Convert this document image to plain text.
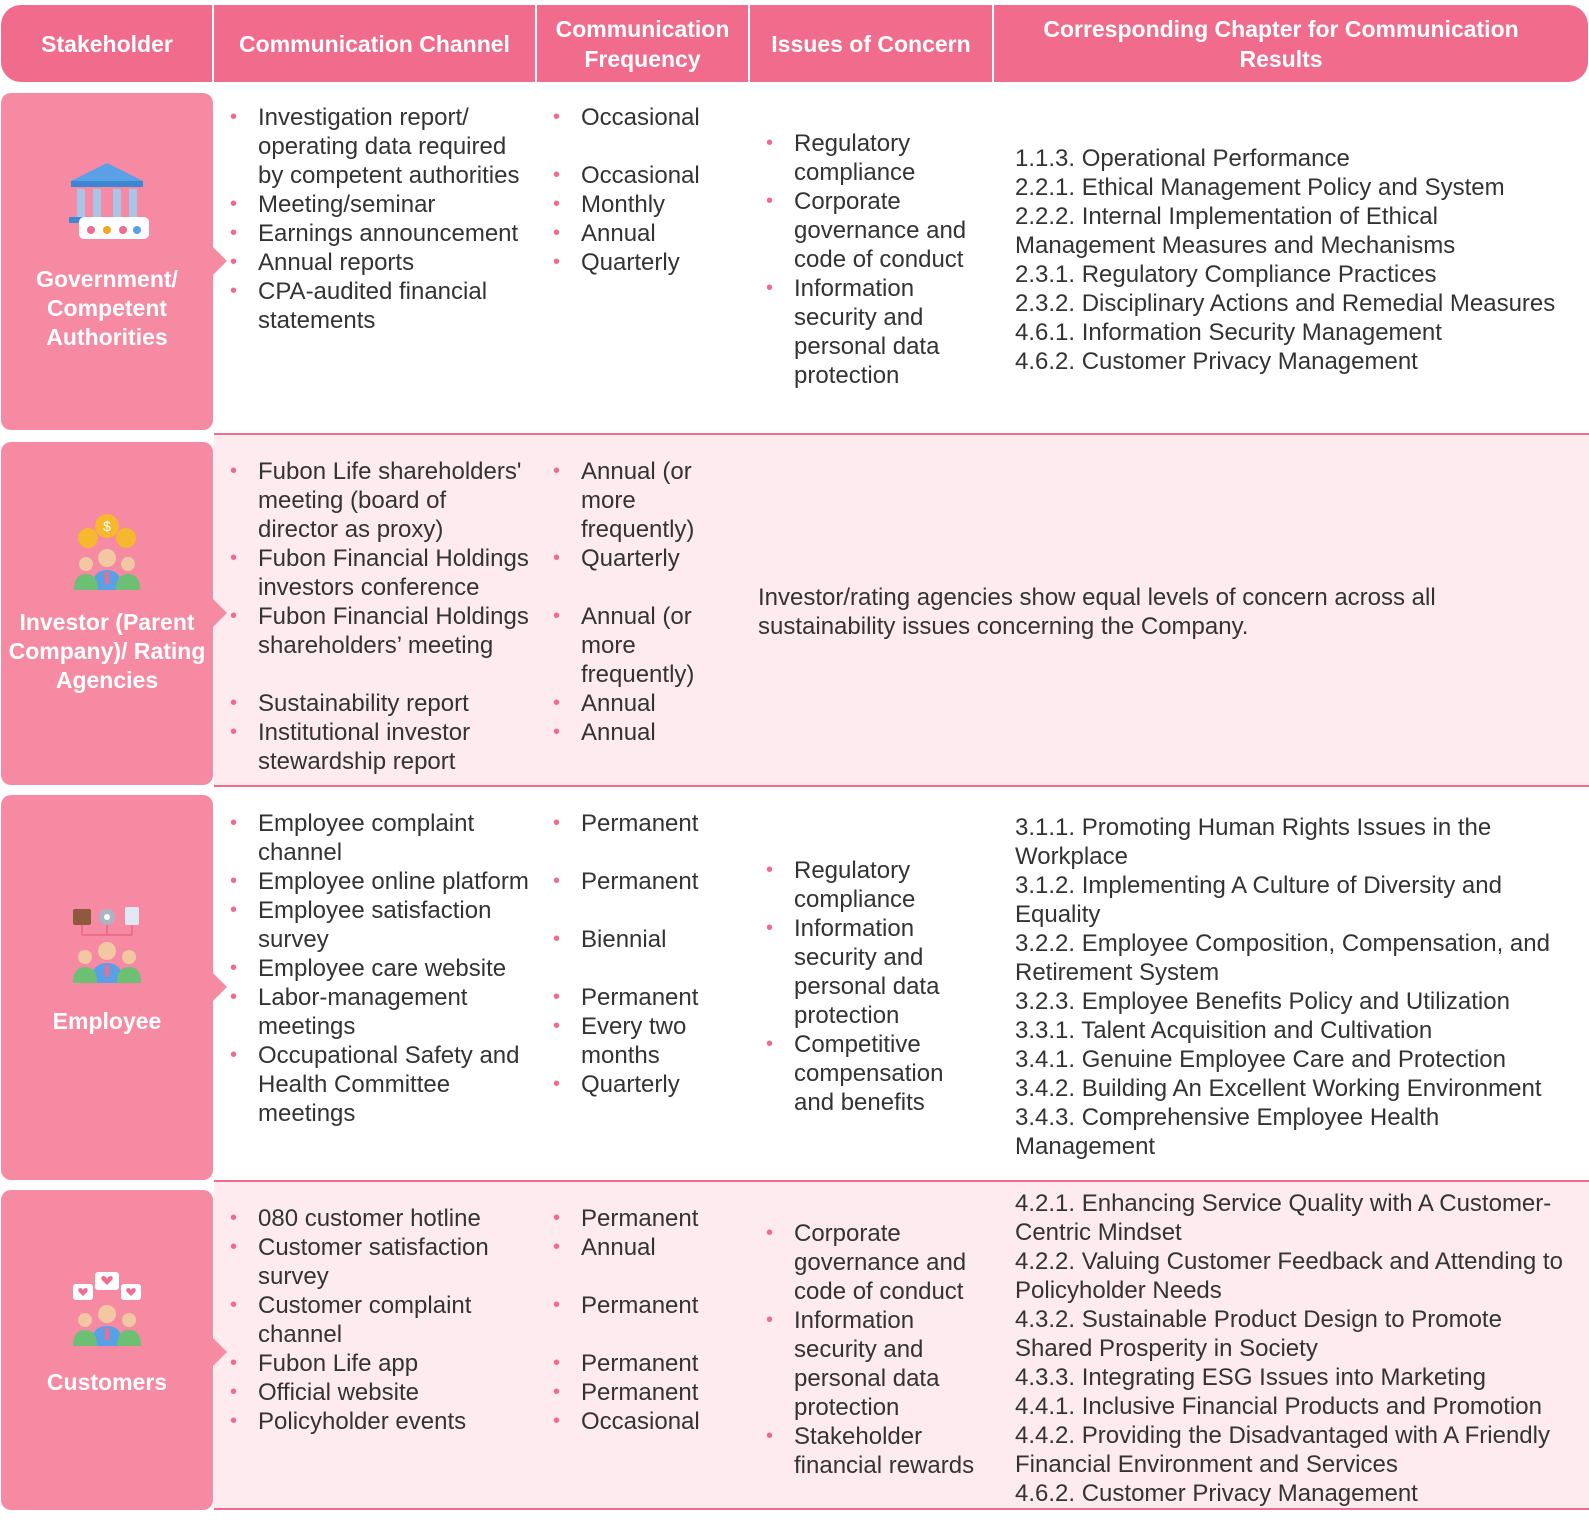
Stakeholder	Communication Channel
Communication Frequency
Issues of Concern
Corresponding Chapter for Communication Results
Government/ Competent Authorities
• Investigation report/ operating data required by competent authorities
• Meeting/seminar
• Earnings announcement
• Annual reports
• CPA-audited financial statements
• Occasional
• Occasional
• Monthly
• Annual
• Quarterly
• Regulatory compliance
• Corporate governance and code of conduct
• Information security and personal data protection
1.1.3. Operational Performance
2.2.1. Ethical Management Policy and System
2.2.2. Internal Implementation of Ethical Management Measures and Mechanisms
2.3.1. Regulatory Compliance Practices
2.3.2. Disciplinary Actions and Remedial Measures
4.6.1. Information Security Management
4.6.2. Customer Privacy Management
$
Investor (Parent Company)/ Rating Agencies
• Fubon Life shareholders' meeting (board of director as proxy)
• Fubon Financial Holdings investors conference
• Fubon Financial Holdings shareholders’ meeting
• Sustainability report
• Institutional investor stewardship report
• Annual (or more frequently)
• Quarterly
• Annual (or more frequently)
• Annual
• Annual
Investor/rating agencies show equal levels of concern across all sustainability issues concerning the Company.
Employee
• Employee complaint channel
• Employee online platform
• Employee satisfaction survey
• Employee care website
• Labor-management meetings
• Occupational Safety and Health Committee meetings
• Permanent
• Permanent
• Biennial
• Permanent
• Every two months
• Quarterly
• Regulatory compliance
• Information security and personal data protection
• Competitive compensation and benefits
3.1.1. Promoting Human Rights Issues in the Workplace
3.1.2. Implementing A Culture of Diversity and Equality
3.2.2. Employee Composition, Compensation, and Retirement System
3.2.3. Employee Benefits Policy and Utilization
3.3.1. Talent Acquisition and Cultivation
3.4.1. Genuine Employee Care and Protection
3.4.2. Building An Excellent Working Environment
3.4.3. Comprehensive Employee Health Management
Customers
• 080 customer hotline
• Customer satisfaction survey
• Customer complaint channel
• Fubon Life app
• Official website
• Policyholder events
• Permanent
• Annual
• Permanent
• Permanent
• Permanent
• Occasional
• Corporate governance and code of conduct
• Information security and personal data protection
• Stakeholder financial rewards
4.2.1. Enhancing Service Quality with A Customer-Centric Mindset
4.2.2. Valuing Customer Feedback and Attending to Policyholder Needs
4.3.2. Sustainable Product Design to Promote Shared Prosperity in Society
4.3.3. Integrating ESG Issues into Marketing
4.4.1. Inclusive Financial Products and Promotion
4.4.2. Providing the Disadvantaged with A Friendly Financial Environment and Services
4.6.2. Customer Privacy Management
